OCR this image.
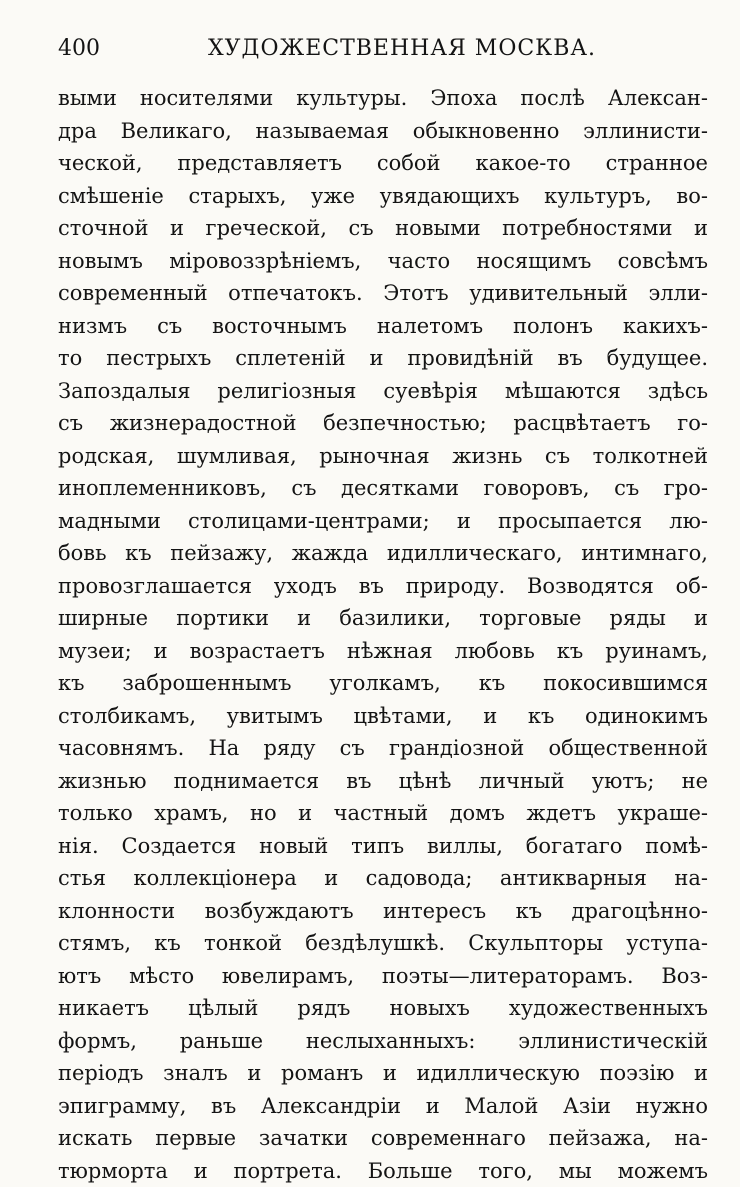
400	ХУДОЖЕСТВЕННАЯ МОСКВА.
выми носителями культуры. Эпоха послѣ Алексан-
дра Великаго, называемая обыкновенно эллинисти-
ческой, представляетъ собой какое-то странное
смѣшеніе старыхъ, уже увядающихъ культуръ, во-
сточной и греческой, съ новыми потребностями и
новымъ міровоззрѣніемъ, часто носящимъ совсѣмъ
современный отпечатокъ. Этотъ удивительный элли-
низмъ съ восточнымъ налетомъ полонъ какихъ-
то пестрыхъ сплетеній и провидѣній въ будущее.
Запоздалыя религіозныя суевѣрія мѣшаются здѣсь
съ жизнерадостной безпечностью; расцвѣтаетъ го-
родская, шумливая, рыночная жизнь съ толкотней
иноплеменниковъ, съ десятками говоровъ, съ гро-
мадными столицами-центрами; и просыпается лю-
бовь къ пейзажу, жажда идиллическаго, интимнаго,
провозглашается уходъ въ природу. Возводятся об-
ширные портики и базилики, торговые ряды и
музеи; и возрастаетъ нѣжная любовь къ руинамъ,
къ заброшеннымъ уголкамъ, къ покосившимся
столбикамъ, увитымъ цвѣтами, и къ одинокимъ
часовнямъ. На ряду съ грандіозной общественной
жизнью поднимается въ цѣнѣ личный уютъ; не
только храмъ, но и частный домъ ждетъ украше-
нія. Создается новый типъ виллы, богатаго помѣ-
стья коллекціонера и садовода; антикварныя на-
клонности возбуждаютъ интересъ къ драгоцѣнно-
стямъ, къ тонкой бездѣлушкѣ. Скульпторы уступа-
ютъ мѣсто ювелирамъ, поэты—литераторамъ. Воз-
никаетъ цѣлый рядъ новыхъ художественныхъ
формъ, раньше неслыханныхъ: эллинистическій
періодъ зналъ и романъ и идиллическую поэзію и
эпиграмму, въ Александріи и Малой Азіи нужно
искать первые зачатки современнаго пейзажа, на-
тюрморта и портрета. Больше того, мы можемъ
